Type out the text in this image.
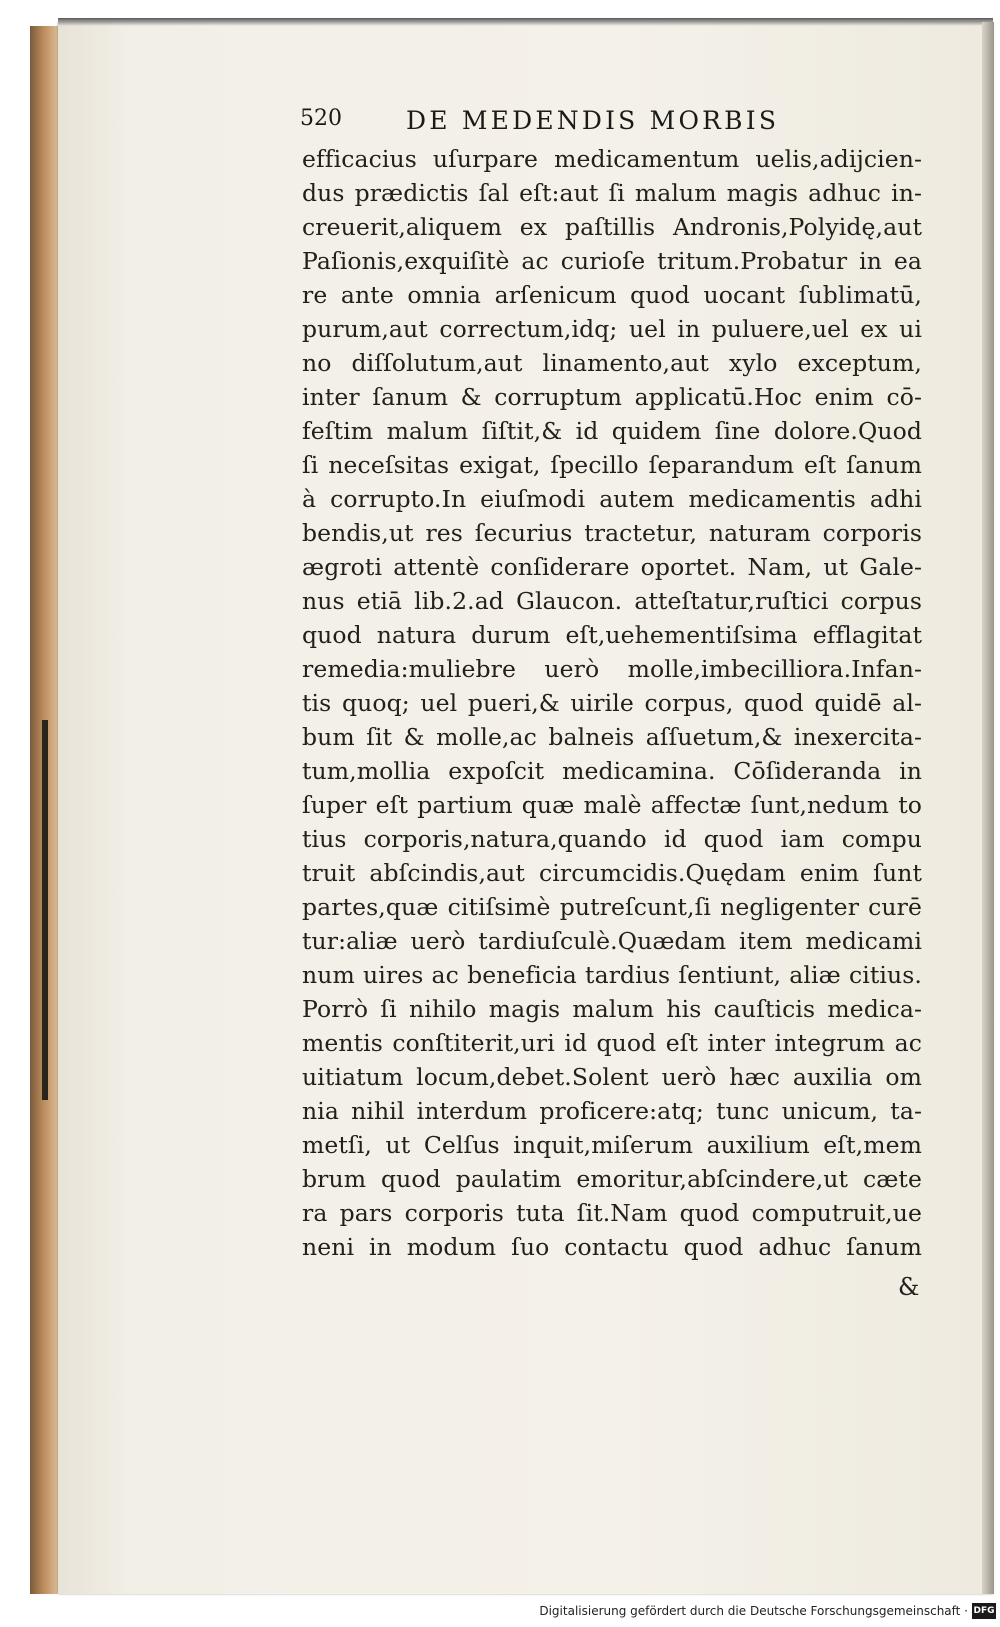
520	DE MEDENDIS MORBIS
efficacius uſurpare medicamentum uelis,adijcien-
dus prædictis ſal eſt:aut ſi malum magis adhuc in-
creuerit,aliquem ex paſtillis Andronis,Polyidę,aut
Paſionis,exquiſitè ac curioſe tritum.Probatur in ea
re ante omnia arſenicum quod uocant ſublimatū,
purum,aut correctum,idq; uel in puluere,uel ex ui
no diſſolutum,aut linamento,aut xylo exceptum,
inter ſanum & corruptum applicatū.Hoc enim cō-
feſtim malum ſiſtit,& id quidem ſine dolore.Quod
ſi neceſsitas exigat, ſpecillo ſeparandum eſt ſanum
à corrupto.In eiuſmodi autem medicamentis adhi
bendis,ut res ſecurius tractetur, naturam corporis
ægroti attentè conſiderare oportet. Nam, ut Gale-
nus etiā lib.2.ad Glaucon. atteſtatur,ruſtici corpus
quod natura durum eſt,uehementiſsima efflagitat
remedia:muliebre uerò molle,imbecilliora.Infan-
tis quoq; uel pueri,& uirile corpus, quod quidē al-
bum ſit & molle,ac balneis aſſuetum,& inexercita-
tum,mollia expoſcit medicamina. Cōſideranda in
ſuper eſt partium quæ malè affectæ ſunt,nedum to
tius corporis,natura,quando id quod iam compu
truit abſcindis,aut circumcidis.Quędam enim ſunt
partes,quæ citiſsimè putreſcunt,ſi negligenter curē
tur:aliæ uerò tardiuſculè.Quædam item medicami
num uires ac beneficia tardius ſentiunt, aliæ citius.
Porrò ſi nihilo magis malum his cauſticis medica-
mentis conſtiterit,uri id quod eſt inter integrum ac
uitiatum locum,debet.Solent uerò hæc auxilia om
nia nihil interdum proficere:atq; tunc unicum, ta-
metſi, ut Celſus inquit,miſerum auxilium eſt,mem
brum quod paulatim emoritur,abſcindere,ut cæte
ra pars corporis tuta ſit.Nam quod computruit,ue
neni in modum ſuo contactu quod adhuc ſanum
&
Digitalisierung gefördert durch die Deutsche Forschungsgemeinschaft · DFG
